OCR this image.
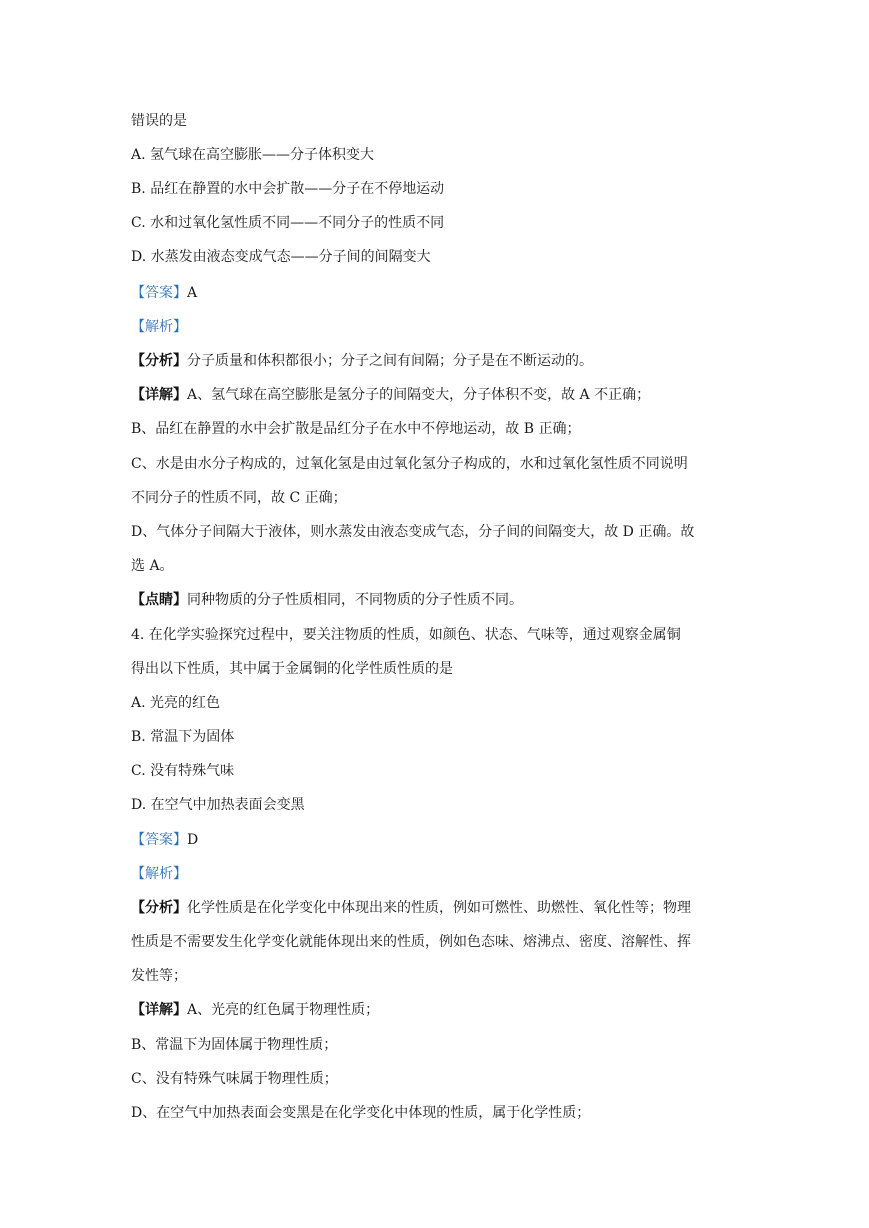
错误的是
A. 氢气球在高空膨胀——分子体积变大
B. 品红在静置的水中会扩散——分子在不停地运动
C. 水和过氧化氢性质不同——不同分子的性质不同
D. 水蒸发由液态变成气态——分子间的间隔变大
【答案】A
【解析】
【分析】分子质量和体积都很小；分子之间有间隔；分子是在不断运动的。
【详解】A、氢气球在高空膨胀是氢分子的间隔变大，分子体积不变，故 A 不正确；
B、品红在静置的水中会扩散是品红分子在水中不停地运动，故 B 正确；
C、水是由水分子构成的，过氧化氢是由过氧化氢分子构成的，水和过氧化氢性质不同说明
不同分子的性质不同，故 C 正确；
D、气体分子间隔大于液体，则水蒸发由液态变成气态，分子间的间隔变大，故 D 正确。故
选 A。
【点睛】同种物质的分子性质相同，不同物质的分子性质不同。
4. 在化学实验探究过程中，要关注物质的性质，如颜色、状态、气味等，通过观察金属铜
得出以下性质，其中属于金属铜的化学性质性质的是
A. 光亮的红色
B. 常温下为固体
C. 没有特殊气味
D. 在空气中加热表面会变黑
【答案】D
【解析】
【分析】化学性质是在化学变化中体现出来的性质，例如可燃性、助燃性、氧化性等；物理
性质是不需要发生化学变化就能体现出来的性质，例如色态味、熔沸点、密度、溶解性、挥
发性等；
【详解】A、光亮的红色属于物理性质；
B、常温下为固体属于物理性质；
C、没有特殊气味属于物理性质；
D、在空气中加热表面会变黑是在化学变化中体现的性质，属于化学性质；
